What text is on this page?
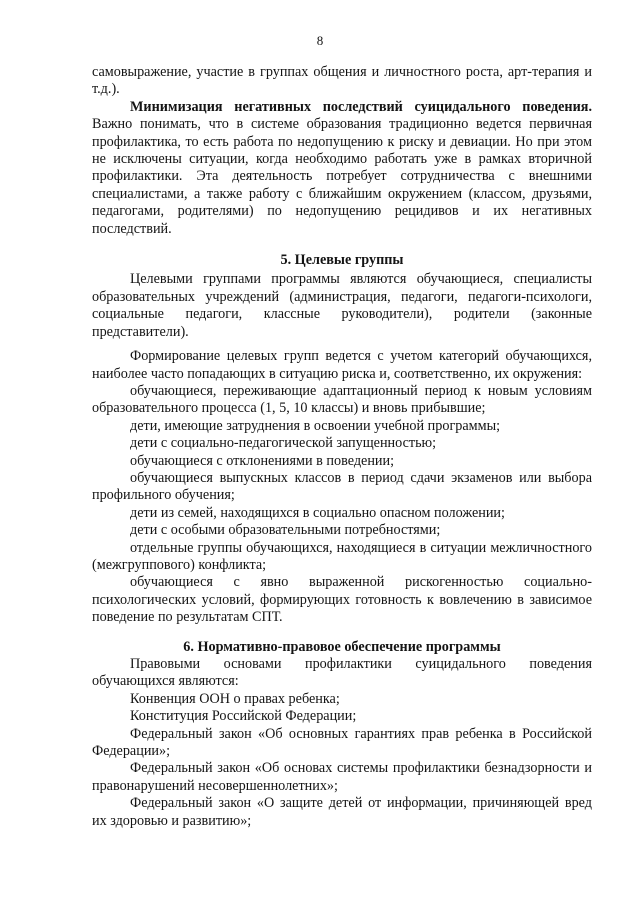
8

самовыражение, участие в группах общения и личностного роста, арт-терапия и т.д.).

Минимизация негативных последствий суицидального поведения. Важно понимать, что в системе образования традиционно ведется первичная профилактика, то есть работа по недопущению к риску и девиации. Но при этом не исключены ситуации, когда необходимо работать уже в рамках вторичной профилактики. Эта деятельность потребует сотрудничества с внешними специалистами, а также работу с ближайшим окружением (классом, друзьями, педагогами, родителями) по недопущению рецидивов и их негативных последствий.

5. Целевые группы

Целевыми группами программы являются обучающиеся, специалисты образовательных учреждений (администрация, педагоги, педагоги-психологи, социальные педагоги, классные руководители), родители (законные представители).

Формирование целевых групп ведется с учетом категорий обучающихся, наиболее часто попадающих в ситуацию риска и, соответственно, их окружения:

обучающиеся, переживающие адаптационный период к новым условиям образовательного процесса (1, 5, 10 классы) и вновь прибывшие;

дети, имеющие затруднения в освоении учебной программы;

дети с социально-педагогической запущенностью;

обучающиеся с отклонениями в поведении;

обучающиеся выпускных классов в период сдачи экзаменов или выбора профильного обучения;

дети из семей, находящихся в социально опасном положении;

дети с особыми образовательными потребностями;

отдельные группы обучающихся, находящиеся в ситуации межличностного (межгруппового) конфликта;

обучающиеся с явно выраженной рискогенностью социально-психологических условий, формирующих готовность к вовлечению в зависимое поведение по результатам СПТ.

6. Нормативно-правовое обеспечение программы

Правовыми основами профилактики суицидального поведения обучающихся являются:

Конвенция ООН о правах ребенка;

Конституция Российской Федерации;

Федеральный закон «Об основных гарантиях прав ребенка в Российской Федерации»;

Федеральный закон «Об основах системы профилактики безнадзорности и правонарушений несовершеннолетних»;

Федеральный закон «О защите детей от информации, причиняющей вред их здоровью и развитию»;
